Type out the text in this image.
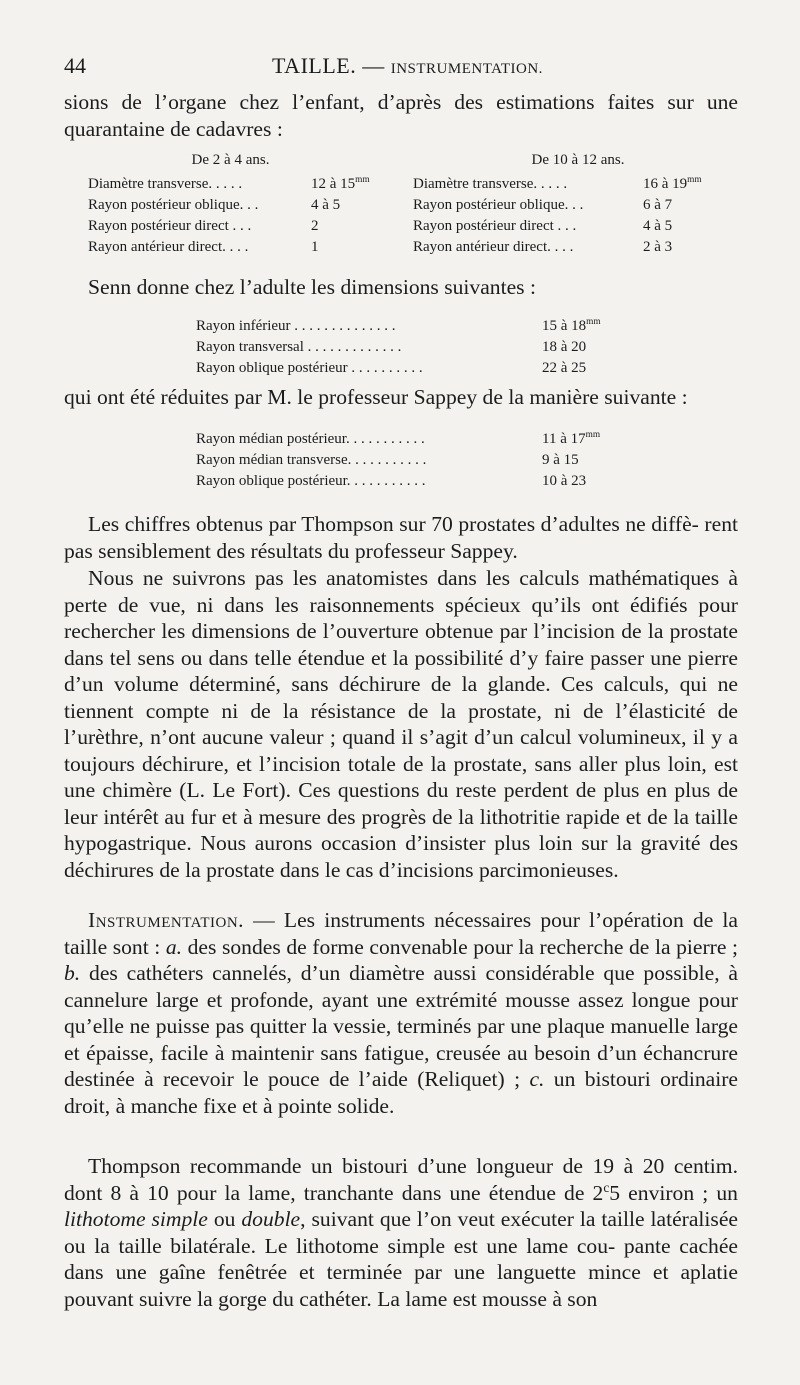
44	TAILLE. — INSTRUMENTATION.
sions de l’organe chez l’enfant, d’après des estimations faites sur une quarantaine de cadavres :
De 2 à 4 ans.
Diamètre transverse. . . . .	12 à $15^{mm}$
Rayon postérieur oblique. . .	4 à 5
Rayon postérieur direct . . .	2
Rayon antérieur direct. . . .	1
De 10 à 12 ans.
Diamètre transverse. . . . .	16 à $19^{mm}$
Rayon postérieur oblique. . .	6 à 7
Rayon postérieur direct . . .	4 à 5
Rayon antérieur direct. . . .	2 à 3
Senn donne chez l’adulte les dimensions suivantes :
Rayon inférieur . . . . . . . . . . . . . .	15 à $18^{mm}$
Rayon transversal . . . . . . . . . . . . .	18 à 20
Rayon oblique postérieur . . . . . . . . . .	22 à 25
qui ont été réduites par M. le professeur Sappey de la manière suivante :
Rayon médian postérieur. . . . . . . . . . .	11 à $17^{mm}$
Rayon médian transverse. . . . . . . . . . .	9 à 15
Rayon oblique postérieur. . . . . . . . . . .	10 à 23
Les chiffres obtenus par Thompson sur 70 prostates d’adultes ne diffè- rent pas sensiblement des résultats du professeur Sappey.
Nous ne suivrons pas les anatomistes dans les calculs mathématiques à perte de vue, ni dans les raisonnements spécieux qu’ils ont édifiés pour rechercher les dimensions de l’ouverture obtenue par l’incision de la prostate dans tel sens ou dans telle étendue et la possibilité d’y faire passer une pierre d’un volume déterminé, sans déchirure de la glande. Ces calculs, qui ne tiennent compte ni de la résistance de la prostate, ni de l’élasticité de l’urèthre, n’ont aucune valeur ; quand il s’agit d’un calcul volumineux, il y a toujours déchirure, et l’incision totale de la prostate, sans aller plus loin, est une chimère (L. Le Fort). Ces questions du reste perdent de plus en plus de leur intérêt au fur et à mesure des progrès de la lithotritie rapide et de la taille hypogastrique. Nous aurons occasion d’insister plus loin sur la gravité des déchirures de la prostate dans le cas d’incisions parcimonieuses.
Instrumentation. — Les instruments nécessaires pour l’opération de la taille sont : a. des sondes de forme convenable pour la recherche de la pierre ; b. des cathéters cannelés, d’un diamètre aussi considérable que possible, à cannelure large et profonde, ayant une extrémité mousse assez longue pour qu’elle ne puisse pas quitter la vessie, terminés par une plaque manuelle large et épaisse, facile à maintenir sans fatigue, creusée au besoin d’un échancrure destinée à recevoir le pouce de l’aide (Reliquet) ; c. un bistouri ordinaire droit, à manche fixe et à pointe solide.
Thompson recommande un bistouri d’une longueur de 19 à 20 centim. dont 8 à 10 pour la lame, tranchante dans une étendue de 2$^c$5 environ ; un lithotome simple ou double, suivant que l’on veut exécuter la taille latéralisée ou la taille bilatérale. Le lithotome simple est une lame cou- pante cachée dans une gaîne fenêtrée et terminée par une languette mince et aplatie pouvant suivre la gorge du cathéter. La lame est mousse à son
